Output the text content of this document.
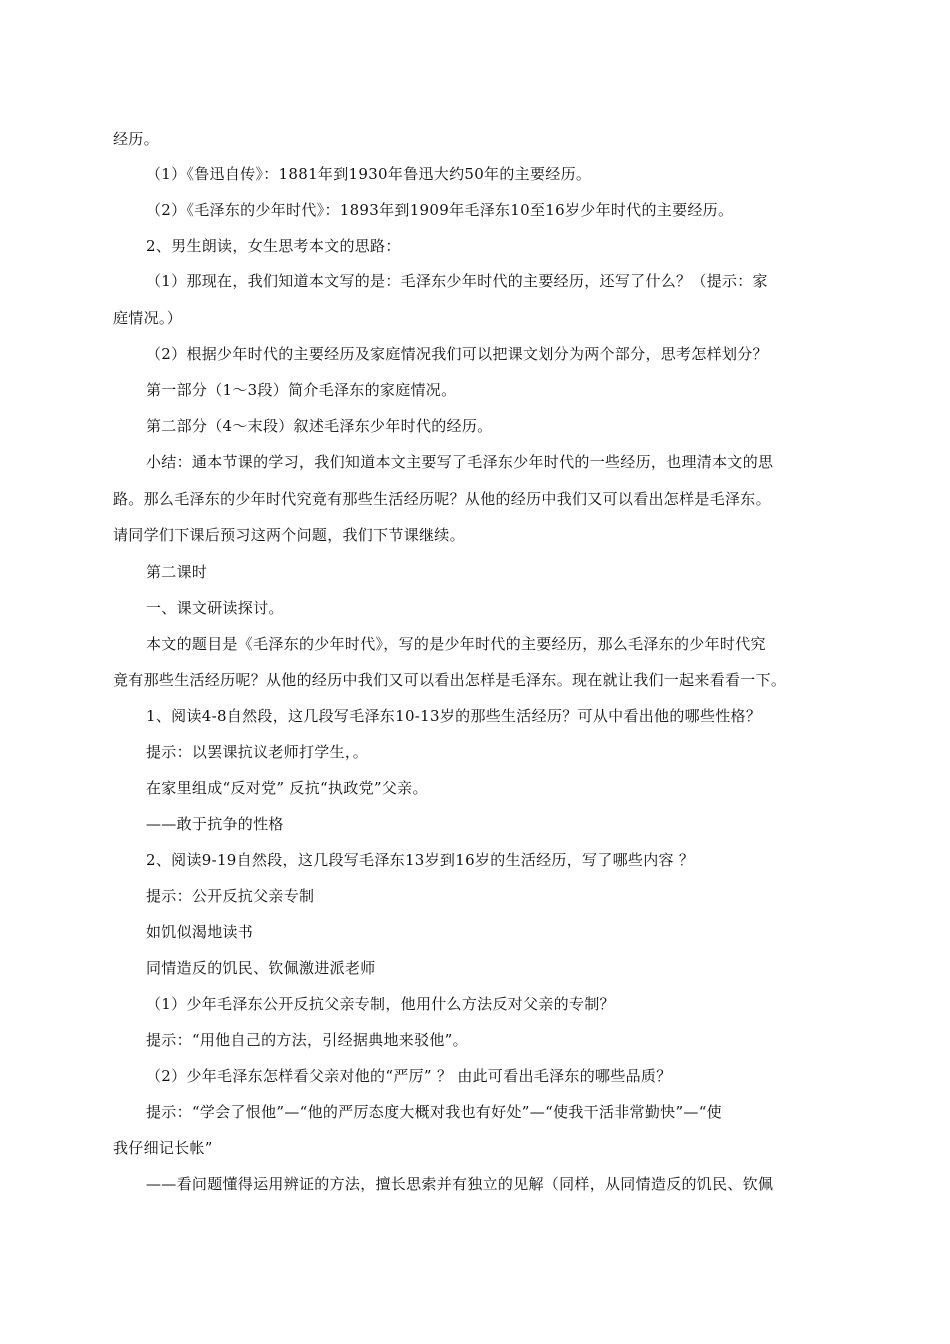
经历。
（1）《鲁迅自传》：1881年到1930年鲁迅大约50年的主要经历。
（2）《毛泽东的少年时代》：1893年到1909年毛泽东10至16岁少年时代的主要经历。
2、男生朗读，女生思考本文的思路：
（1）那现在，我们知道本文写的是：毛泽东少年时代的主要经历，还写了什么？（提示：家
庭情况。）
（2）根据少年时代的主要经历及家庭情况我们可以把课文划分为两个部分，思考怎样划分？
第一部分（1～3段）简介毛泽东的家庭情况。
第二部分（4～末段）叙述毛泽东少年时代的经历。
小结：通本节课的学习，我们知道本文主要写了毛泽东少年时代的一些经历，也理清本文的思
路。那么毛泽东的少年时代究竟有那些生活经历呢？从他的经历中我们又可以看出怎样是毛泽东。
请同学们下课后预习这两个问题，我们下节课继续。
第二课时
一、课文研读探讨。
本文的题目是《毛泽东的少年时代》，写的是少年时代的主要经历，那么毛泽东的少年时代究
竟有那些生活经历呢？从他的经历中我们又可以看出怎样是毛泽东。现在就让我们一起来看看一下。
1、阅读4-8自然段，这几段写毛泽东10-13岁的那些生活经历？可从中看出他的哪些性格？
提示：以罢课抗议老师打学生，。
在家里组成“反对党” 反抗“执政党”父亲。
——敢于抗争的性格
2、阅读9-19自然段，这几段写毛泽东13岁到16岁的生活经历，写了哪些内容 ？
提示：公开反抗父亲专制
如饥似渴地读书
同情造反的饥民、钦佩激进派老师
（1）少年毛泽东公开反抗父亲专制，他用什么方法反对父亲的专制？
提示：“用他自己的方法，引经据典地来驳他”。
（2）少年毛泽东怎样看父亲对他的“严厉” ？ 由此可看出毛泽东的哪些品质？
提示：“学会了恨他”—“他的严厉态度大概对我也有好处”—“使我干活非常勤快”—“使
我仔细记长帐”
——看问题懂得运用辨证的方法，擅长思索并有独立的见解（同样，从同情造反的饥民、钦佩
